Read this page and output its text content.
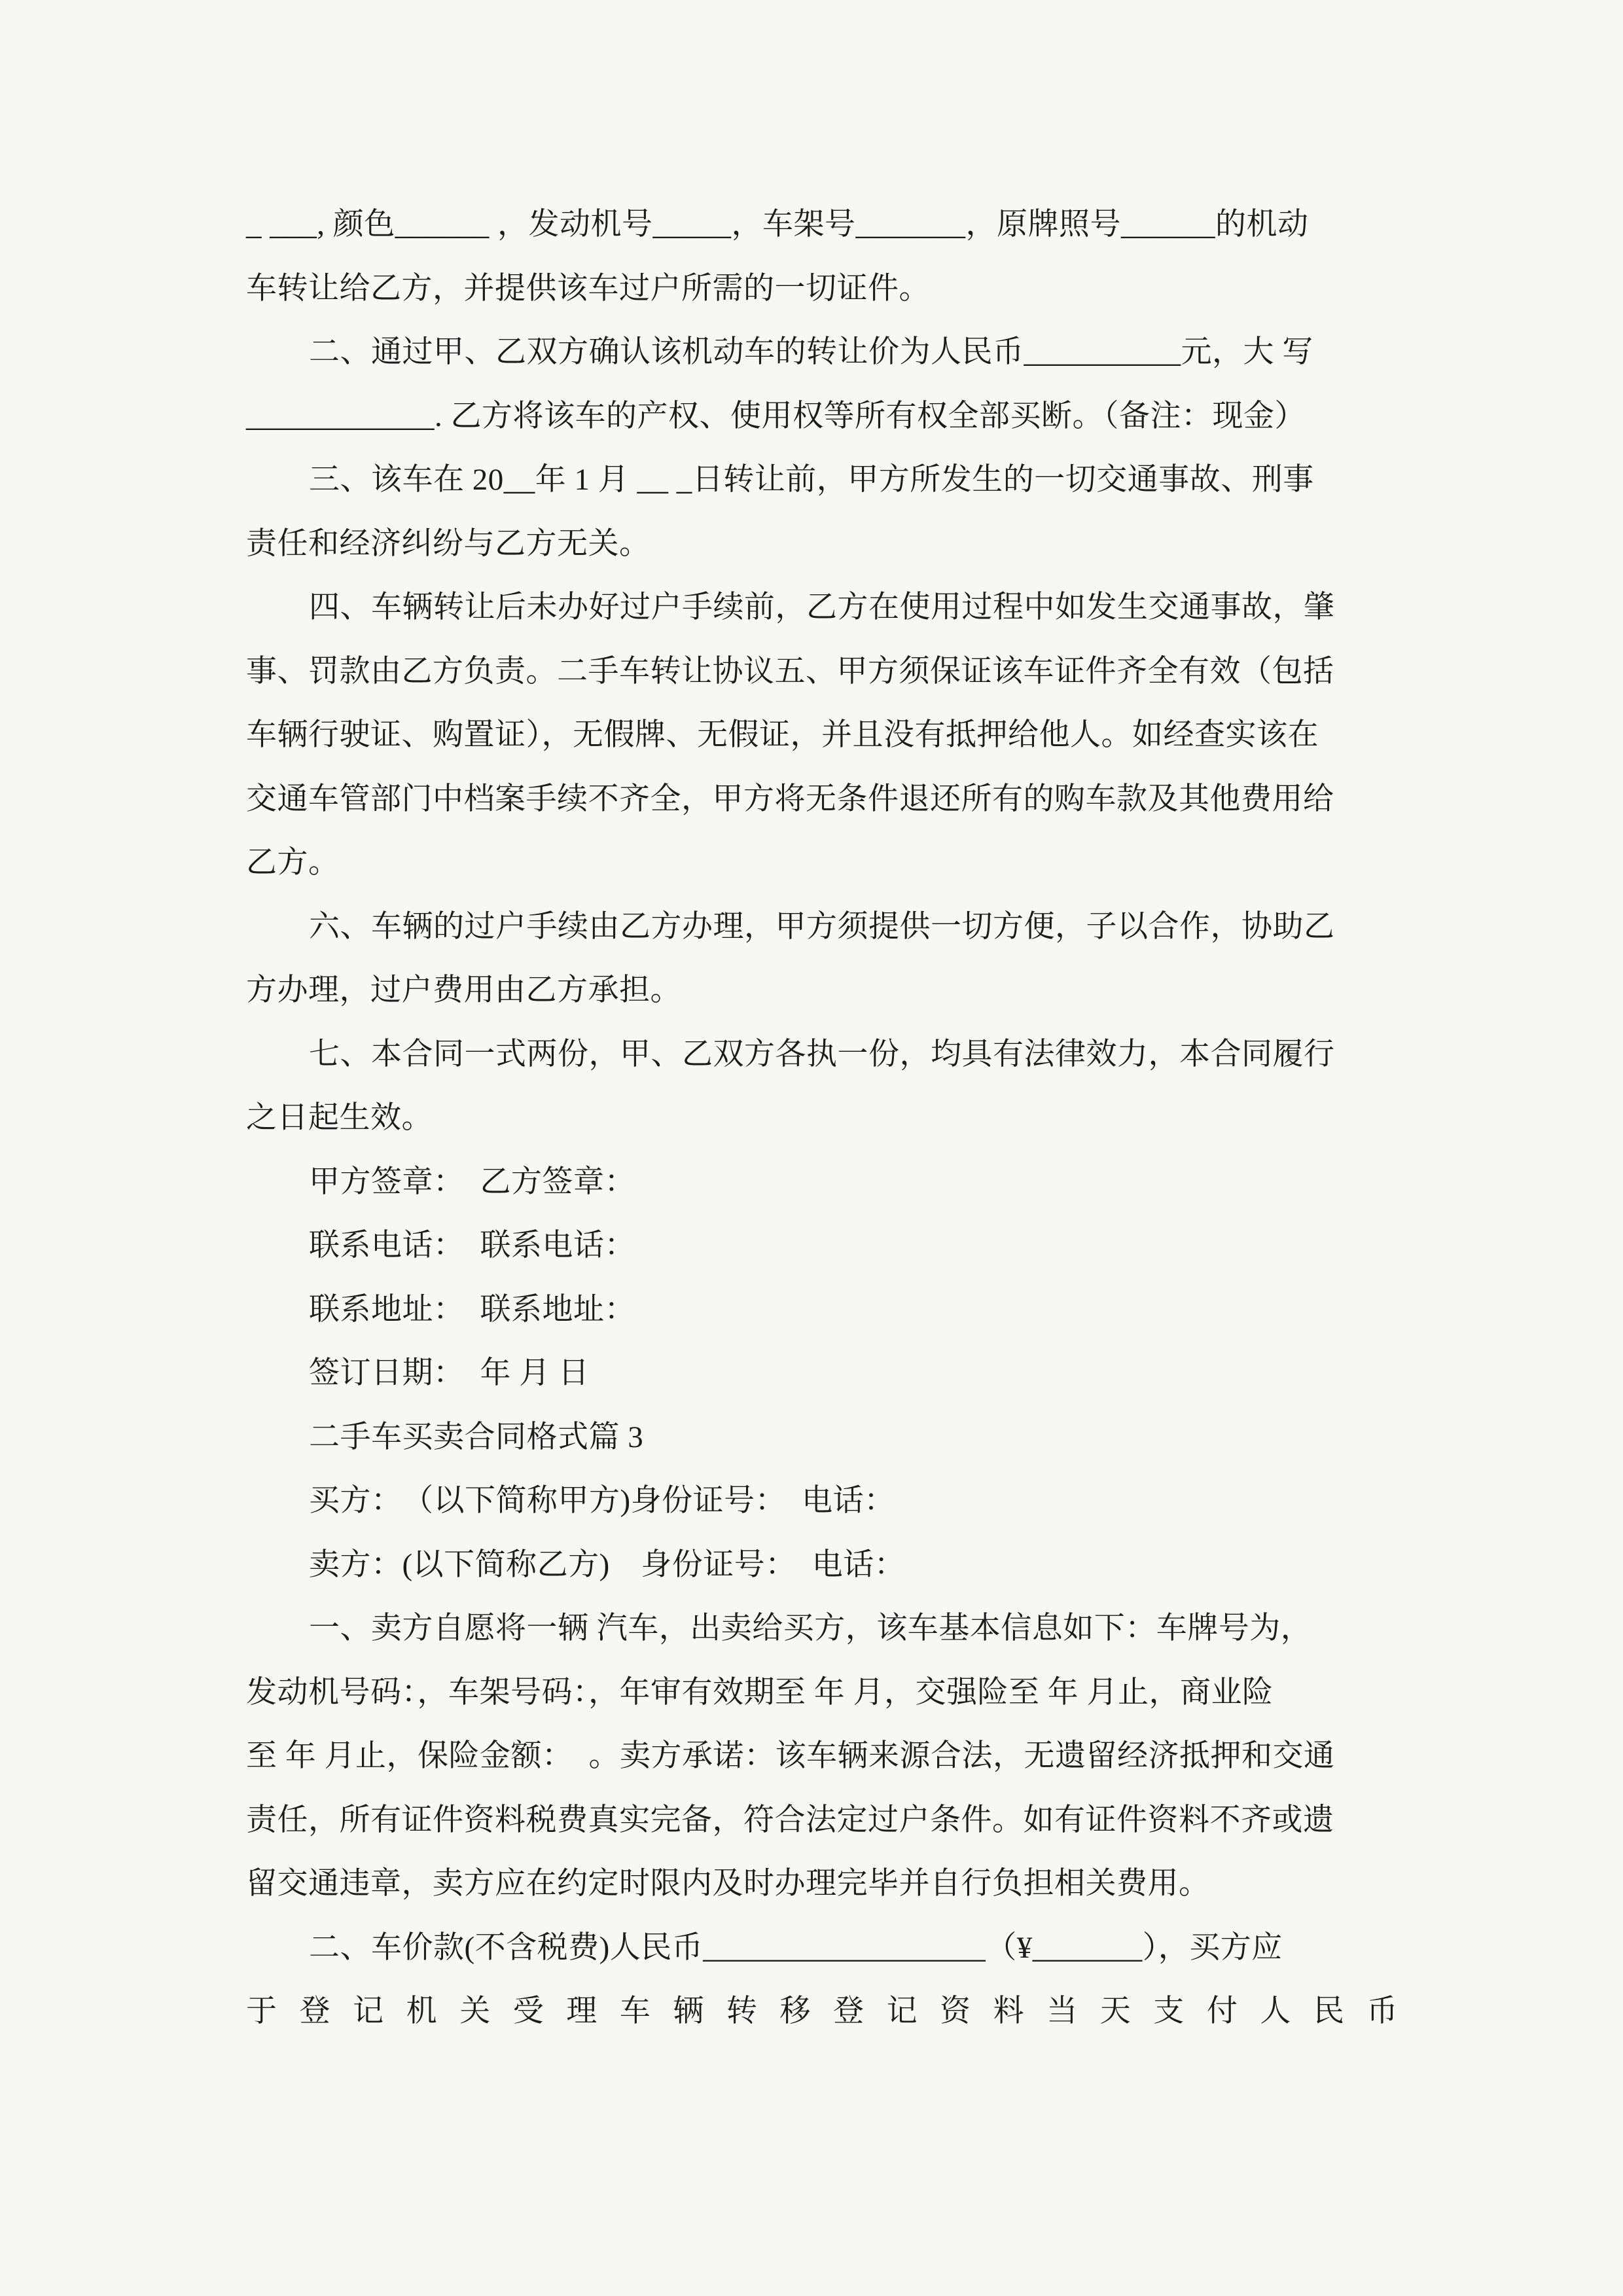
_ ___, 颜色______ ，发动机号_____，车架号_______，原牌照号______的机动
车转让给乙方，并提供该车过户所需的一切证件。
二、通过甲、乙双方确认该机动车的转让价为人民币__________元，大 写
____________. 乙方将该车的产权、使用权等所有权全部买断。（备注：现金）
三、该车在 20__年 1 月 __ _日转让前，甲方所发生的一切交通事故、刑事
责任和经济纠纷与乙方无关。
四、车辆转让后未办好过户手续前，乙方在使用过程中如发生交通事故，肇
事、罚款由乙方负责。二手车转让协议五、甲方须保证该车证件齐全有效（包括
车辆行驶证、购置证），无假牌、无假证，并且没有抵押给他人。如经查实该在
交通车管部门中档案手续不齐全，甲方将无条件退还所有的购车款及其他费用给
乙方。
六、车辆的过户手续由乙方办理，甲方须提供一切方便，子以合作，协助乙
方办理，过户费用由乙方承担。
七、本合同一式两份，甲、乙双方各执一份，均具有法律效力，本合同履行
之日起生效。
甲方签章：　乙方签章：
联系电话：　联系电话：
联系地址：　联系地址：
签订日期：　年 月 日
二手车买卖合同格式篇 3
买方：　（以下简称甲方)身份证号：　电话：
卖方：(以下简称乙方)　身份证号：　电话：
一、卖方自愿将一辆 汽车，出卖给买方，该车基本信息如下：车牌号为，
发动机号码：，车架号码：，年审有效期至 年 月，交强险至 年 月止，商业险
至 年 月止，保险金额：　。卖方承诺：该车辆来源合法，无遗留经济抵押和交通
责任，所有证件资料税费真实完备，符合法定过户条件。如有证件资料不齐或遗
留交通违章，卖方应在约定时限内及时办理完毕并自行负担相关费用。
二、车价款(不含税费)人民币__________________（¥_______），买方应
于 登 记 机 关 受 理 车 辆 转 移 登 记 资 料 当 天 支 付 人 民 币
